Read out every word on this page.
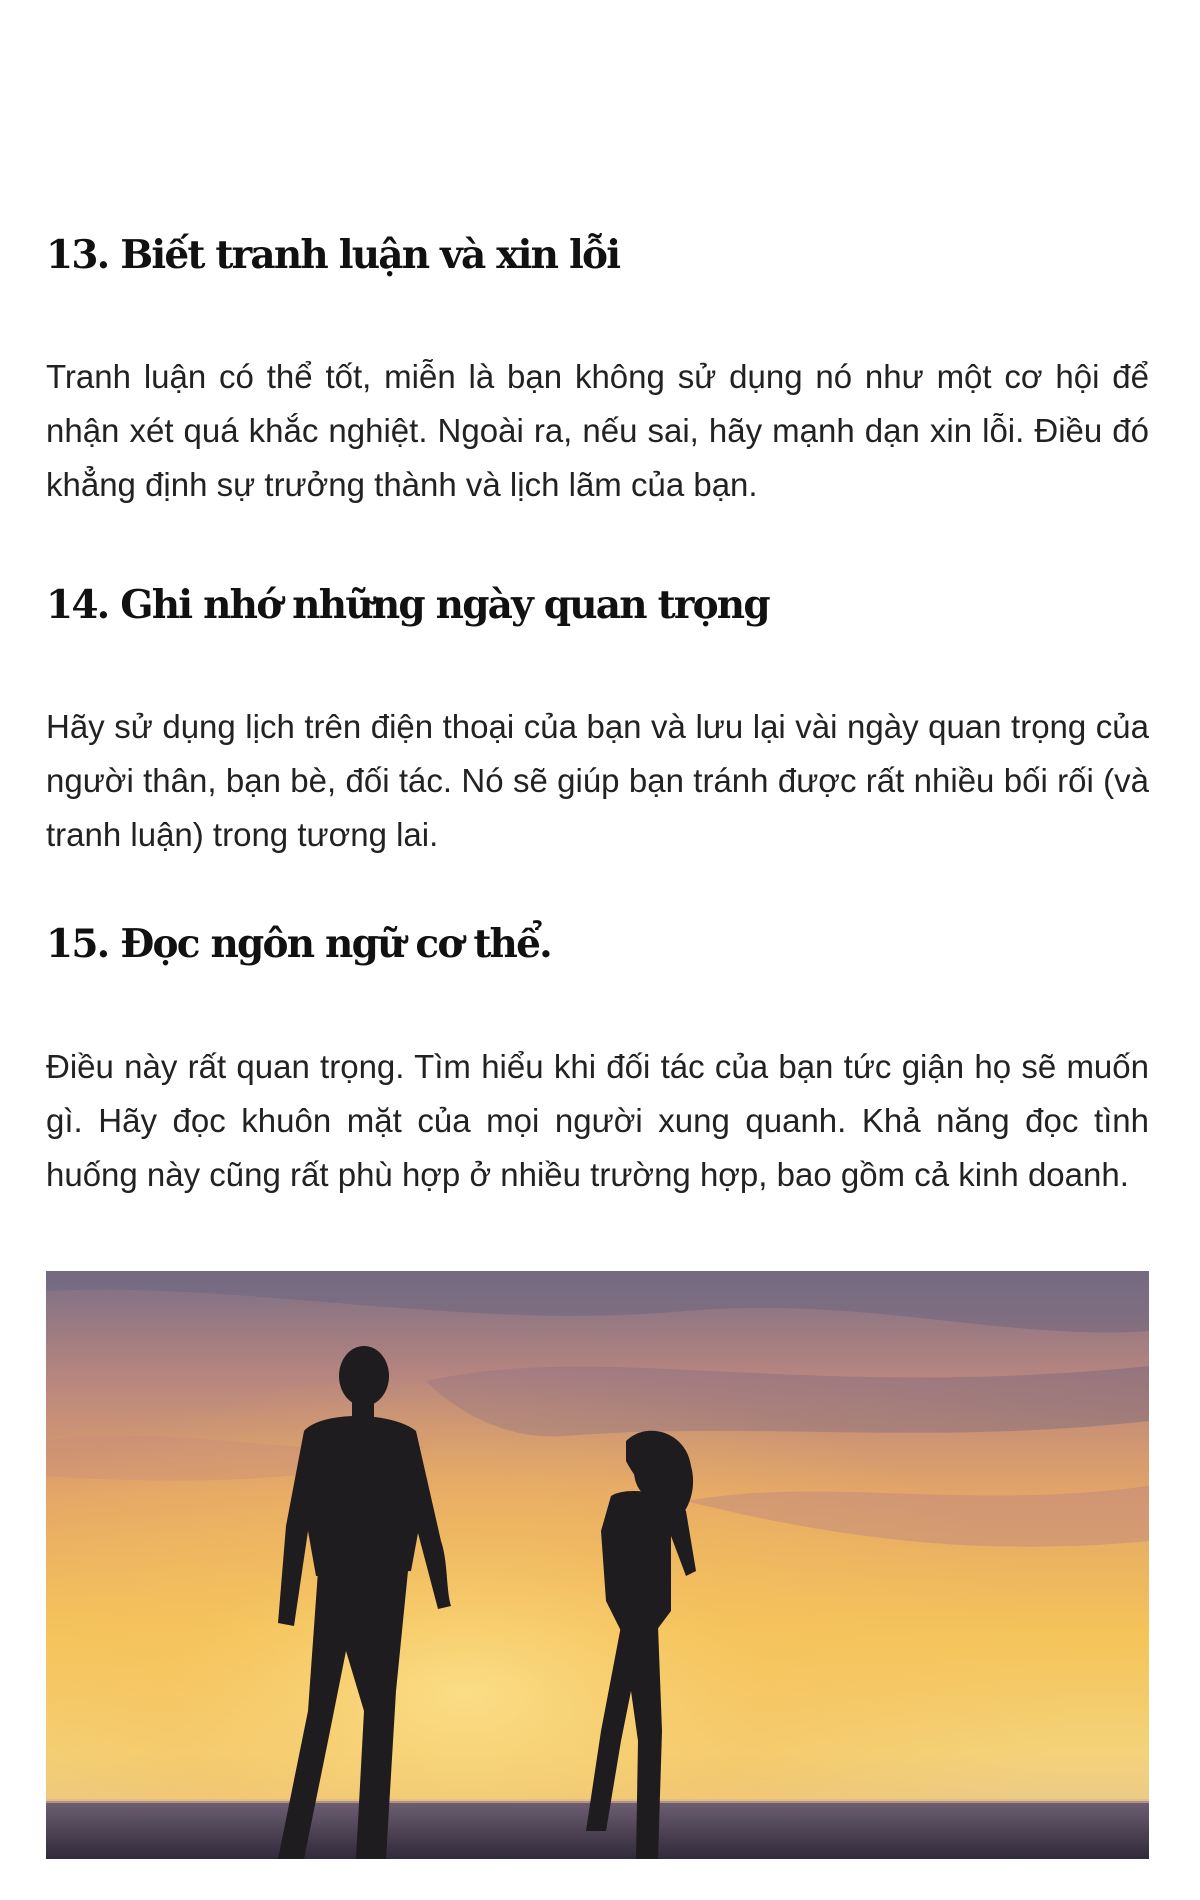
13. Biết tranh luận và xin lỗi

Tranh luận có thể tốt, miễn là bạn không sử dụng nó như một cơ hội để nhận xét quá khắc nghiệt. Ngoài ra, nếu sai, hãy mạnh dạn xin lỗi. Điều đó khẳng định sự trưởng thành và lịch lãm của bạn.

14. Ghi nhớ những ngày quan trọng

Hãy sử dụng lịch trên điện thoại của bạn và lưu lại vài ngày quan trọng của người thân, bạn bè, đối tác. Nó sẽ giúp bạn tránh được rất nhiều bối rối (và tranh luận) trong tương lai.

15. Đọc ngôn ngữ cơ thể.

Điều này rất quan trọng. Tìm hiểu khi đối tác của bạn tức giận họ sẽ muốn gì. Hãy đọc khuôn mặt của mọi người xung quanh. Khả năng đọc tình huống này cũng rất phù hợp ở nhiều trường hợp, bao gồm cả kinh doanh.
